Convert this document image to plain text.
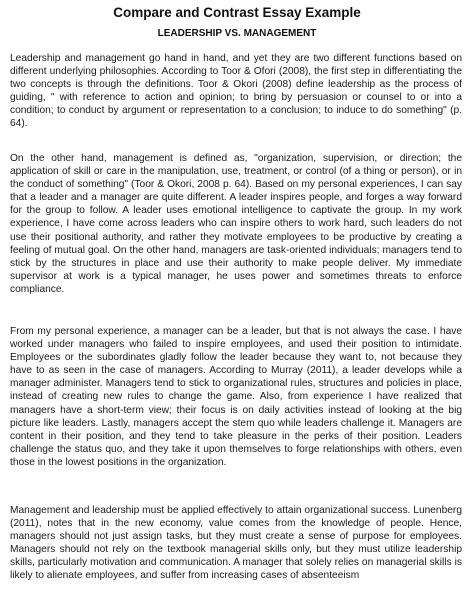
Compare and Contrast Essay Example
LEADERSHIP VS. MANAGEMENT
Leadership and management go hand in hand, and yet they are two different functions based on different underlying philosophies. According to Toor & Ofori (2008), the first step in differentiating the two concepts is through the definitions. Toor & Okori (2008) define leadership as the process of guiding, " with reference to action and opinion; to bring by persuasion or counsel to or into a condition; to conduct by argument or representation to a conclusion; to induce to do something" (p. 64).
On the other hand, management is defined as, "organization, supervision, or direction; the application of skill or care in the manipulation, use, treatment, or control (of a thing or person), or in the conduct of something" (Toor & Okori, 2008 p. 64). Based on my personal experiences, I can say that a leader and a manager are quite different. A leader inspires people, and forges a way forward for the group to follow. A leader uses emotional intelligence to captivate the group. In my work experience, I have come across leaders who can inspire others to work hard, such leaders do not use their positional authority, and rather they motivate employees to be productive by creating a feeling of mutual goal. On the other hand, managers are task-oriented individuals; managers tend to stick by the structures in place and use their authority to make people deliver. My immediate supervisor at work is a typical manager, he uses power and sometimes threats to enforce compliance.
From my personal experience, a manager can be a leader, but that is not always the case. I have worked under managers who failed to inspire employees, and used their position to intimidate. Employees or the subordinates gladly follow the leader because they want to, not because they have to as seen in the case of managers. According to Murray (2011), a leader develops while a manager administer. Managers tend to stick to organizational rules, structures and policies in place, instead of creating new rules to change the game. Also, from experience I have realized that managers have a short-term view; their focus is on daily activities instead of looking at the big picture like leaders. Lastly, managers accept the stem quo while leaders challenge it. Managers are content in their position, and they tend to take pleasure in the perks of their position. Leaders challenge the status quo, and they take it upon themselves to forge relationships with others, even those in the lowest positions in the organization.
Management and leadership must be applied effectively to attain organizational success. Lunenberg (2011), notes that in the new economy, value comes from the knowledge of people. Hence, managers should not just assign tasks, but they must create a sense of purpose for employees. Managers should not rely on the textbook managerial skills only, but they must utilize leadership skills, particularly motivation and communication. A manager that solely relies on managerial skills is likely to alienate employees, and suffer from increasing cases of absenteeism
